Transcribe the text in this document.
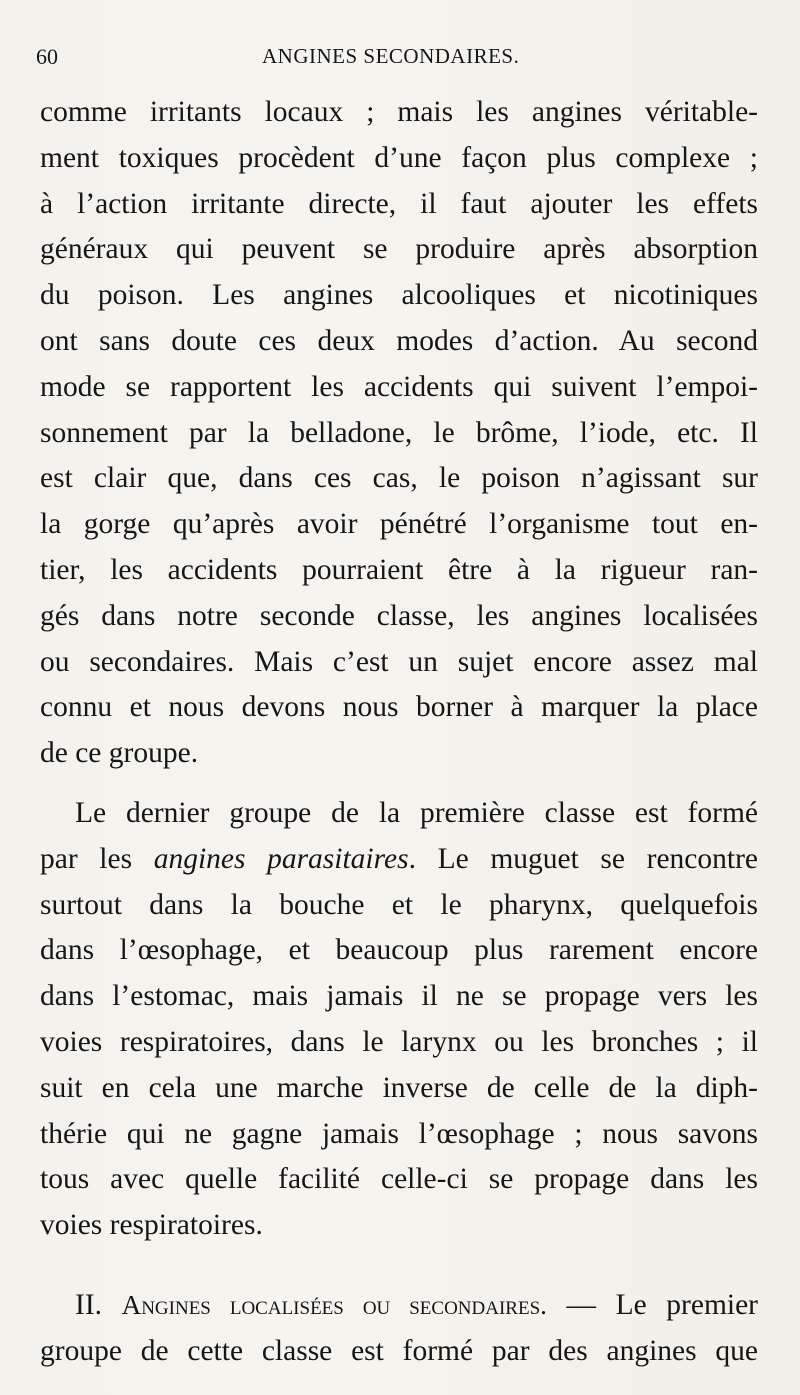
60	ANGINES SECONDAIRES.
comme irritants locaux ; mais les angines véritable-
ment toxiques procèdent d’une façon plus complexe ;
à l’action irritante directe, il faut ajouter les effets
généraux qui peuvent se produire après absorption
du poison. Les angines alcooliques et nicotiniques
ont sans doute ces deux modes d’action. Au second
mode se rapportent les accidents qui suivent l’empoi-
sonnement par la belladone, le brôme, l’iode, etc. Il
est clair que, dans ces cas, le poison n’agissant sur
la gorge qu’après avoir pénétré l’organisme tout en-
tier, les accidents pourraient être à la rigueur ran-
gés dans notre seconde classe, les angines localisées
ou secondaires. Mais c’est un sujet encore assez mal
connu et nous devons nous borner à marquer la place
de ce groupe.
Le dernier groupe de la première classe est formé
par les angines parasitaires. Le muguet se rencontre
surtout dans la bouche et le pharynx, quelquefois
dans l’œsophage, et beaucoup plus rarement encore
dans l’estomac, mais jamais il ne se propage vers les
voies respiratoires, dans le larynx ou les bronches ; il
suit en cela une marche inverse de celle de la diph-
thérie qui ne gagne jamais l’œsophage ; nous savons
tous avec quelle facilité celle-ci se propage dans les
voies respiratoires.
II. Angines localisées ou secondaires. — Le premier
groupe de cette classe est formé par des angines que
